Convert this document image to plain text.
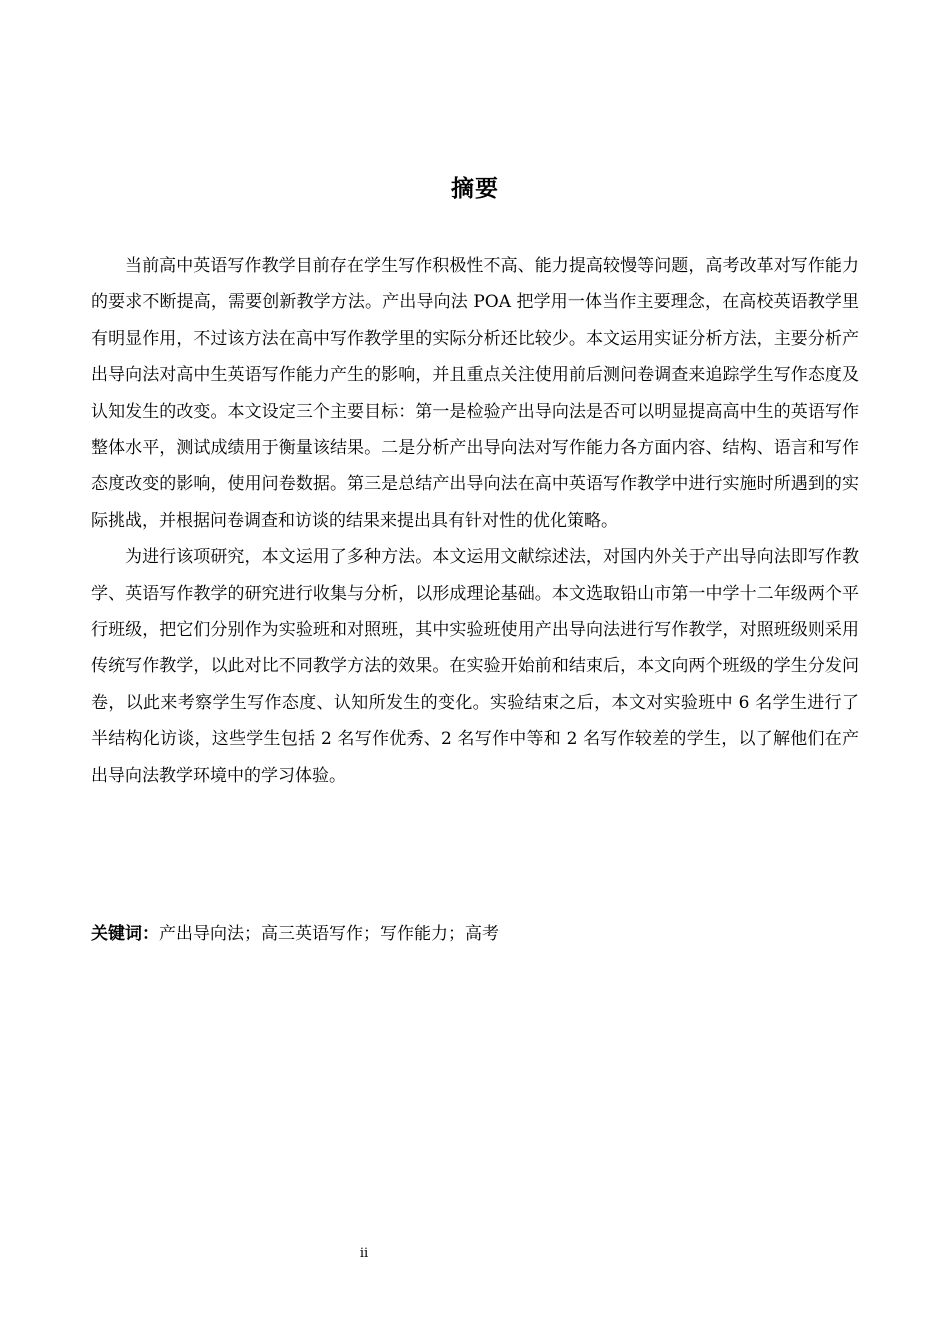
摘要

当前高中英语写作教学目前存在学生写作积极性不高、能力提高较慢等问题，高考改革对写作能力的要求不断提高，需要创新教学方法。产出导向法 POA 把学用一体当作主要理念，在高校英语教学里有明显作用，不过该方法在高中写作教学里的实际分析还比较少。本文运用实证分析方法，主要分析产出导向法对高中生英语写作能力产生的影响，并且重点关注使用前后测问卷调查来追踪学生写作态度及认知发生的改变。本文设定三个主要目标：第一是检验产出导向法是否可以明显提高高中生的英语写作整体水平，测试成绩用于衡量该结果。二是分析产出导向法对写作能力各方面内容、结构、语言和写作态度改变的影响，使用问卷数据。第三是总结产出导向法在高中英语写作教学中进行实施时所遇到的实际挑战，并根据问卷调查和访谈的结果来提出具有针对性的优化策略。

为进行该项研究，本文运用了多种方法。本文运用文献综述法，对国内外关于产出导向法即写作教学、英语写作教学的研究进行收集与分析，以形成理论基础。本文选取铅山市第一中学十二年级两个平行班级，把它们分别作为实验班和对照班，其中实验班使用产出导向法进行写作教学，对照班级则采用传统写作教学，以此对比不同教学方法的效果。在实验开始前和结束后，本文向两个班级的学生分发问卷，以此来考察学生写作态度、认知所发生的变化。实验结束之后，本文对实验班中 6 名学生进行了半结构化访谈，这些学生包括 2 名写作优秀、2 名写作中等和 2 名写作较差的学生，以了解他们在产出导向法教学环境中的学习体验。

关键词：产出导向法；高三英语写作；写作能力；高考
ii
